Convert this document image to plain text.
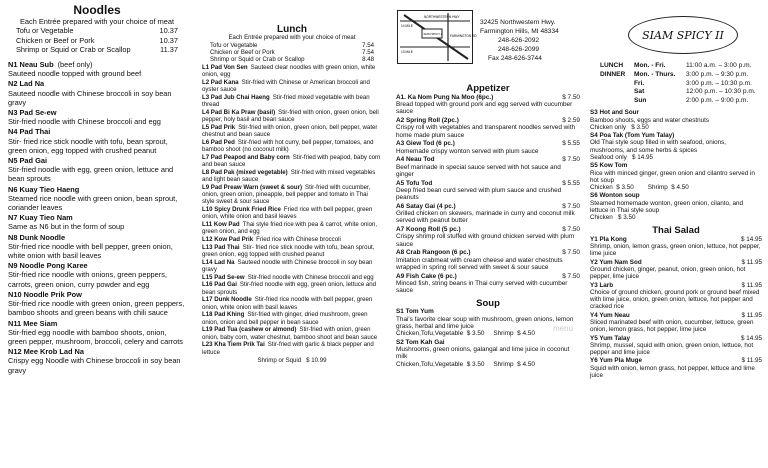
Noodles
Each Entrée prepared with your choice of meat
Tofu or Vegetable	10.37
Chicken or Beef or Pork	10.37
Shrimp or Squid or Crab or Scallop	11.37
N1 Neau Sub (beef only)
Sauteed noodle topped with ground beef
N2 Lad Na
Sauteed noodle with Chinese broccoli in soy bean gravy
N3 Pad Se-ew
Stir-fried noodle with Chinese broccoli and egg
N4 Pad Thai
Stir- fried rice stick noodle with tofu, bean sprout, green onion, egg topped with crushed peanut
N5 Pad Gai
Stir-fried noodle with egg, green onion, lettuce and bean sprouts
N6 Kuay Tieo Haeng
Steamed rice noodle with green onion, bean sprout, coriander leaves
N7 Kuay Tieo Nam
Same as N6 but in the form of soup
N8 Dunk Noodle
Stir-fried rice noodle with bell pepper, green onion, white onion with basil leaves
N9 Noodle Pong Karee
Stir-fried rice noodle with onions, green peppers, carrots, green onion, curry powder and egg
N10 Noodle Prik Pow
Stir-fried rice noodle with green onion, green peppers, bamboo shoots and green beans with chili sauce
N11 Mee Siam
Stir-fried egg noodle with bamboo shoots, onion, green pepper, mushroom, broccoli, celery and carrots
N12 Mee Krob Lad Na
Crispy egg Noodle with Chinese broccoli in soy bean gravy
Lunch
Each Entrée prepared with your choice of meat
Tofu or Vegetable	7.54
Chicken or Beef or Pork	7.54
Shrimp or Squid or Crab or Scallop	8.48
L1 Pad Von Sen Sauteed clear noodles with green onion, white onion, egg
L2 Pad Kana Stir-fried with Chinese or American broccoli and oyster sauce
L3 Pad Jub Chai Haeng Stir-fried mixed vegetable with bean thread
L4 Pad Bi Ka Praw (basil) Stir-fried with onion, green onion, bell pepper, holy basil and bean sauce
L5 Pad Prik Stir-fried with onion, green onion, bell pepper, water chestnut and bean sauce
L6 Pad Ped Stir-fried with hot curry, bell pepper, tomatoes, and bamboo shoot (no coconut milk)
L7 Pad Peapod and Baby corn Stir-fried with peapod, baby corn and bean sauce
L8 Pad Pak (mixed vegetable) Stir-fried with mixed vegetables and light bean sauce
L9 Pad Preaw Warn (sweet & sour) Stir-fried with cucumber, onion, green onion, pineapple, bell pepper and tomato in Thai style sweet & sour sauce
L10 Spicy Drunk Fried Rice Fried rice with bell pepper, green onion, white onion and basil leaves
L11 Kow Pad Thai style fried rice with pea & carrot, white onion, green onion, and egg
L12 Kow Pad Prik Fried rice with Chinese broccoli
L13 Pad Thai Stir- fried rice stick noodle with tofu, bean sprout, green onion, egg topped with crushed peanut
L14 Lad Na Sauteed noodle with Chinese broccoli in soy bean gravy
L15 Pad Se-ew Stir-fried noodle with Chinese broccoli and egg
L16 Pad Gai Stir-fried noodle with egg, green onion, lettuce and bean sprouts
L17 Dunk Noodle Stir-fried rice noodle with bell pepper, green onion, white onion with basil leaves
L18 Pad Khing Stir-fried with ginger, dried mushroom, green onion, onion and bell pepper in bean sauce
L19 Pad Tua (cashew or almond) Stir-fried with onion, green onion, baby corn, water chestnut, bamboo shoot and bean sauce
L23 Kha Tiem Prik Tai Stir-fried with garlic & black pepper and lettuce
Shrimp or Squid $ 10.99
NORTHWESTERN HWY
FARMINGTON RD
SIAM SPICY II
13 MILE
14 MILE	32425 Northwestern Hwy.
Farmington Hills, MI 48334
248-626-2092
248-626-2099
Fax 248-626-3744
SIAM SPICY II
LUNCH	Mon. - Fri.	11:00 a.m. – 3:00 p.m.
DINNER	Mon. - Thurs.	3:00 p.m. – 9:30 p.m.
Fri.	3:00 p.m. – 10:30 p.m.
Sat	12:00 p.m. – 10:30 p.m.
Sun	2:00 p.m. – 9:00 p.m.
Appetizer
A1. Ka Nom Pung Na Moo (6pc.)	$ 7.50
Bread topped with ground pork and egg served with cucumber sauce
A2 Spring Roll (2pc.)	$ 2.59
Crispy roll with vegetables and transparent noodles served with home made plum sauce
A3 Giew Tod (6 pc.)	$ 5.55
Homemade crispy wonton served with plum sauce
A4 Neau Tod	$ 7.50
Beef marinade in special sauce served with hot sauce and ginger
A5 Tofu Tod	$ 5.55
Deep fried bean curd served with plum sauce and crushed peanuts
A6 Satay Gai (4 pc.)	$ 7.50
Grilled chicken on skewers, marinade in curry and coconut milk served with peanut butter
A7 Koong Roll (5 pc.)	$ 7.50
Crispy shrimp roll stuffed with ground chicken served with plum sauce
A8 Crab Rangoon (6 pc.)	$ 7.50
Imitation crabmeat with cream cheese and water chestnuts wrapped in spring roll served with sweet & sour sauce
A9 Fish Cake (6 pc.)	$ 7.50
Minced fish, string beans in Thai curry served with cucumber sauce
Soup
S1 Tom Yum
Thai's favorite clear soup with mushroom, green onions, lemon grass, herbal and lime juice
Chicken,Tofu,Vegetable  $ 3.50     Shrimp  $ 4.50
S2 Tom Kah Gai
Mushrooms, green onions, galangal and lime juice in coconut milk
Chicken,Tofu,Vegetable  $ 3.50     Shrimp  $ 4.50
S3 Hot and Sour
Bamboo shoots, eggs and water chestnuts
Chicken only   $ 3.50
S4 Poa Tak (Tom Yum Talay)
Old Thai style soup filled in with seafood, onions, mushrooms, and some herbs & spices
Seafood only   $ 14.95
S5 Kow Tom
Rice with minced ginger, green onion and cilantro served in hot soup
Chicken  $ 3.50        Shrimp  $ 4.50
S6 Wonton soup
Steamed homemade wonton, green onion, cilanto, and lettuce in Thai style soup
Chicken   $ 3.50
Thai Salad
Y1 Pla Kong	$ 14.95
Shrimp, onion, lemon grass, green onion, lettuce, hot pepper, lime juice
Y2 Yum Nam Sod	$ 11.95
Ground chicken, ginger, peanut, onion, green onion, hot pepper, lime juice
Y3 Larb	$ 11.95
Choice of ground chicken, ground pork or ground beef mixed with lime juice, onion, green onion, lettuce, hot pepper and cracked rice
Y4 Yum Neau	$ 11.95
Sliced marinated beef with onion, cucumber, lettuce, green onion, lemon grass, hot pepper, lime juice
Y5 Yum Talay	$ 14.95
Shrimp, mussel, squid with onion, green onion, lettuce, hot pepper and lime juice
Y6 Yum Pla Muge	$ 11.95
Squid with onion, lemon grass, hot pepper, lettuce and lime juice
menu
